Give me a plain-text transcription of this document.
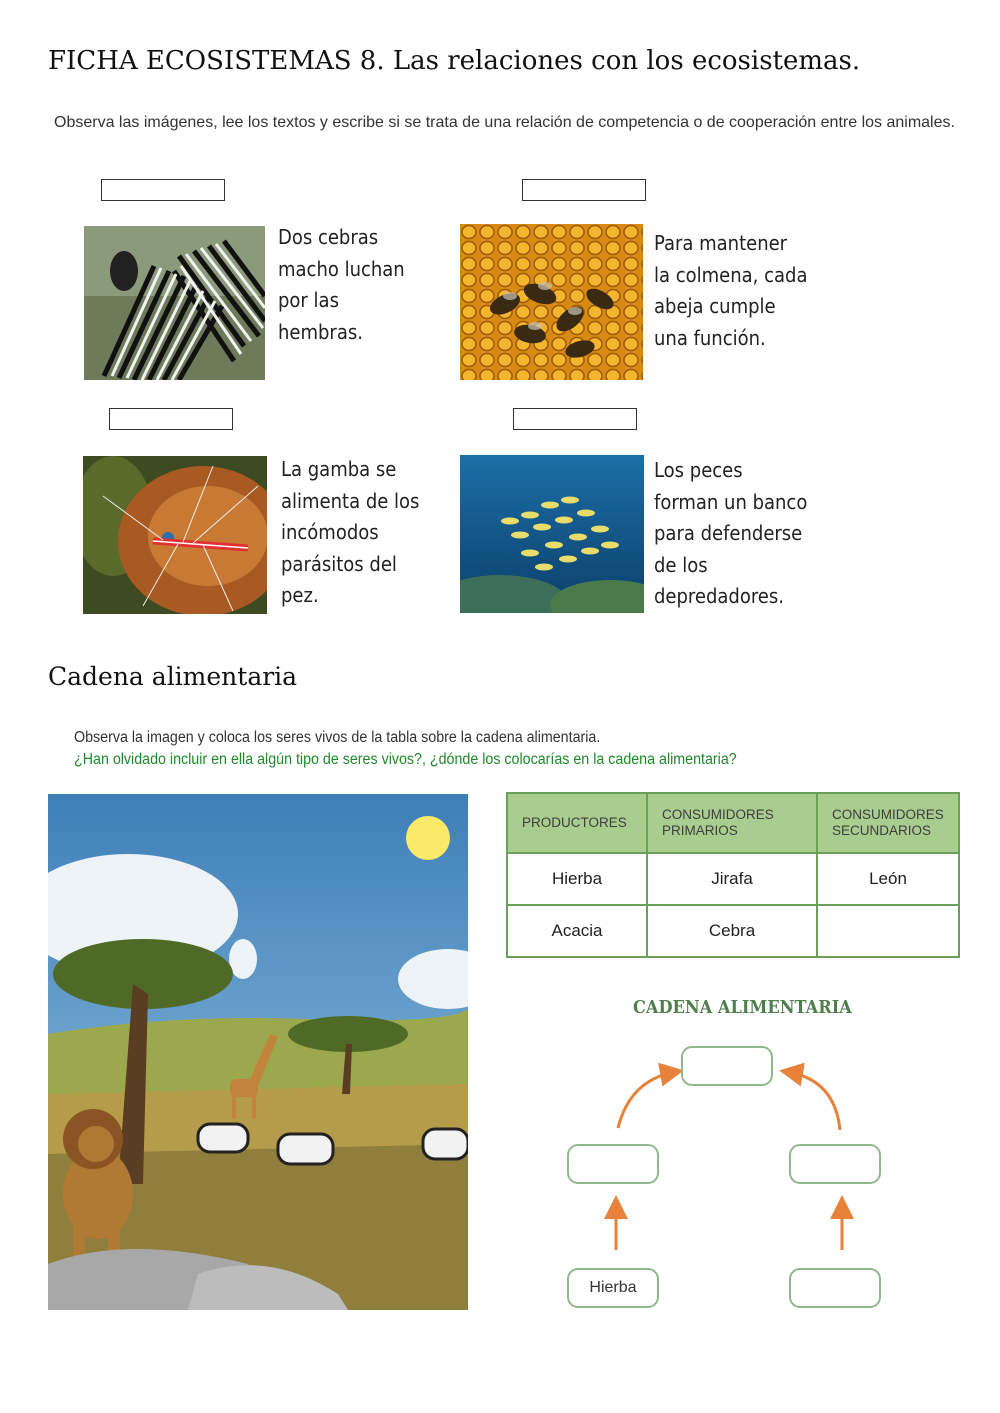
FICHA ECOSISTEMAS 8. Las relaciones con los ecosistemas.
Observa las imágenes, lee los textos y escribe si se trata de una relación de competencia o de cooperación entre los animales.
Dos cebras
macho luchan
por las
hembras.
Para mantener
la colmena, cada
abeja cumple
una función.
La gamba se
alimenta de los
incómodos
parásitos del
pez.
Los peces
forman un banco
para defenderse
de los
depredadores.
Cadena alimentaria
Observa la imagen y coloca los seres vivos de la tabla sobre la cadena alimentaria.
¿Han olvidado incluir en ella algún tipo de seres vivos?, ¿dónde los colocarías en la cadena alimentaria?
PRODUCTORES	CONSUMIDORES PRIMARIOS	CONSUMIDORES SECUNDARIOS
Hierba	Jirafa	León
Acacia	Cebra	
CADENA ALIMENTARIA
Hierba
